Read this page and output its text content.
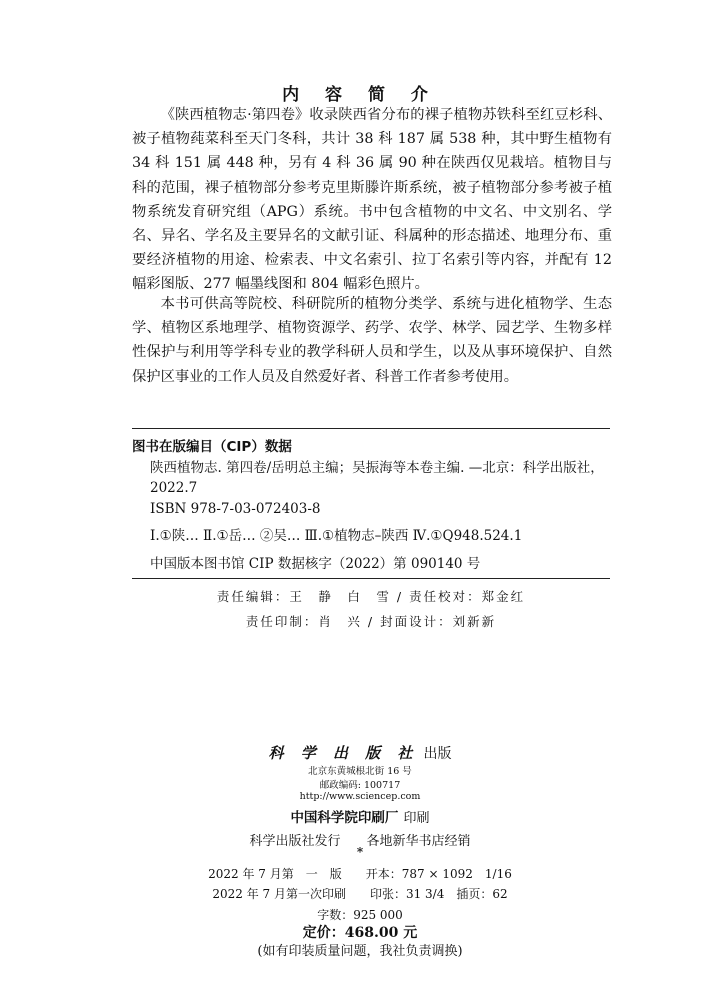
内 容 简 介
《陕西植物志·第四卷》收录陕西省分布的裸子植物苏铁科至红豆杉科、被子植物莼菜科至天门冬科，共计 38 科 187 属 538 种，其中野生植物有 34 科 151 属 448 种，另有 4 科 36 属 90 种在陕西仅见栽培。植物目与科的范围，裸子植物部分参考克里斯滕许斯系统，被子植物部分参考被子植物系统发育研究组（APG）系统。书中包含植物的中文名、中文别名、学名、异名、学名及主要异名的文献引证、科属种的形态描述、地理分布、重要经济植物的用途、检索表、中文名索引、拉丁名索引等内容，并配有 12 幅彩图版、277 幅墨线图和 804 幅彩色照片。
本书可供高等院校、科研院所的植物分类学、系统与进化植物学、生态学、植物区系地理学、植物资源学、药学、农学、林学、园艺学、生物多样性保护与利用等学科专业的教学科研人员和学生，以及从事环境保护、自然保护区事业的工作人员及自然爱好者、科普工作者参考使用。
图书在版编目（CIP）数据
陕西植物志. 第四卷/岳明总主编；吴振海等本卷主编. —北京：科学出版社，2022.7
ISBN 978-7-03-072403-8
Ⅰ.①陕… Ⅱ.①岳… ②吴… Ⅲ.①植物志–陕西 Ⅳ.①Q948.524.1
中国版本图书馆 CIP 数据核字（2022）第 090140 号
责任编辑：王　静　白　雪 / 责任校对：郑金红
责任印制：肖　兴 / 封面设计：刘新新
科 学 出 版 社 出版
北京东黄城根北街 16 号
邮政编码: 100717
http://www.sciencep.com
中国科学院印刷厂 印刷
科学出版社发行　　各地新华书店经销
*
2022 年 7 月第　一　版　　开本：787 × 1092　1/16
2022 年 7 月第一次印刷　　印张：31 3/4　插页：62
字数：925 000
定价：468.00 元
(如有印装质量问题，我社负责调换)
